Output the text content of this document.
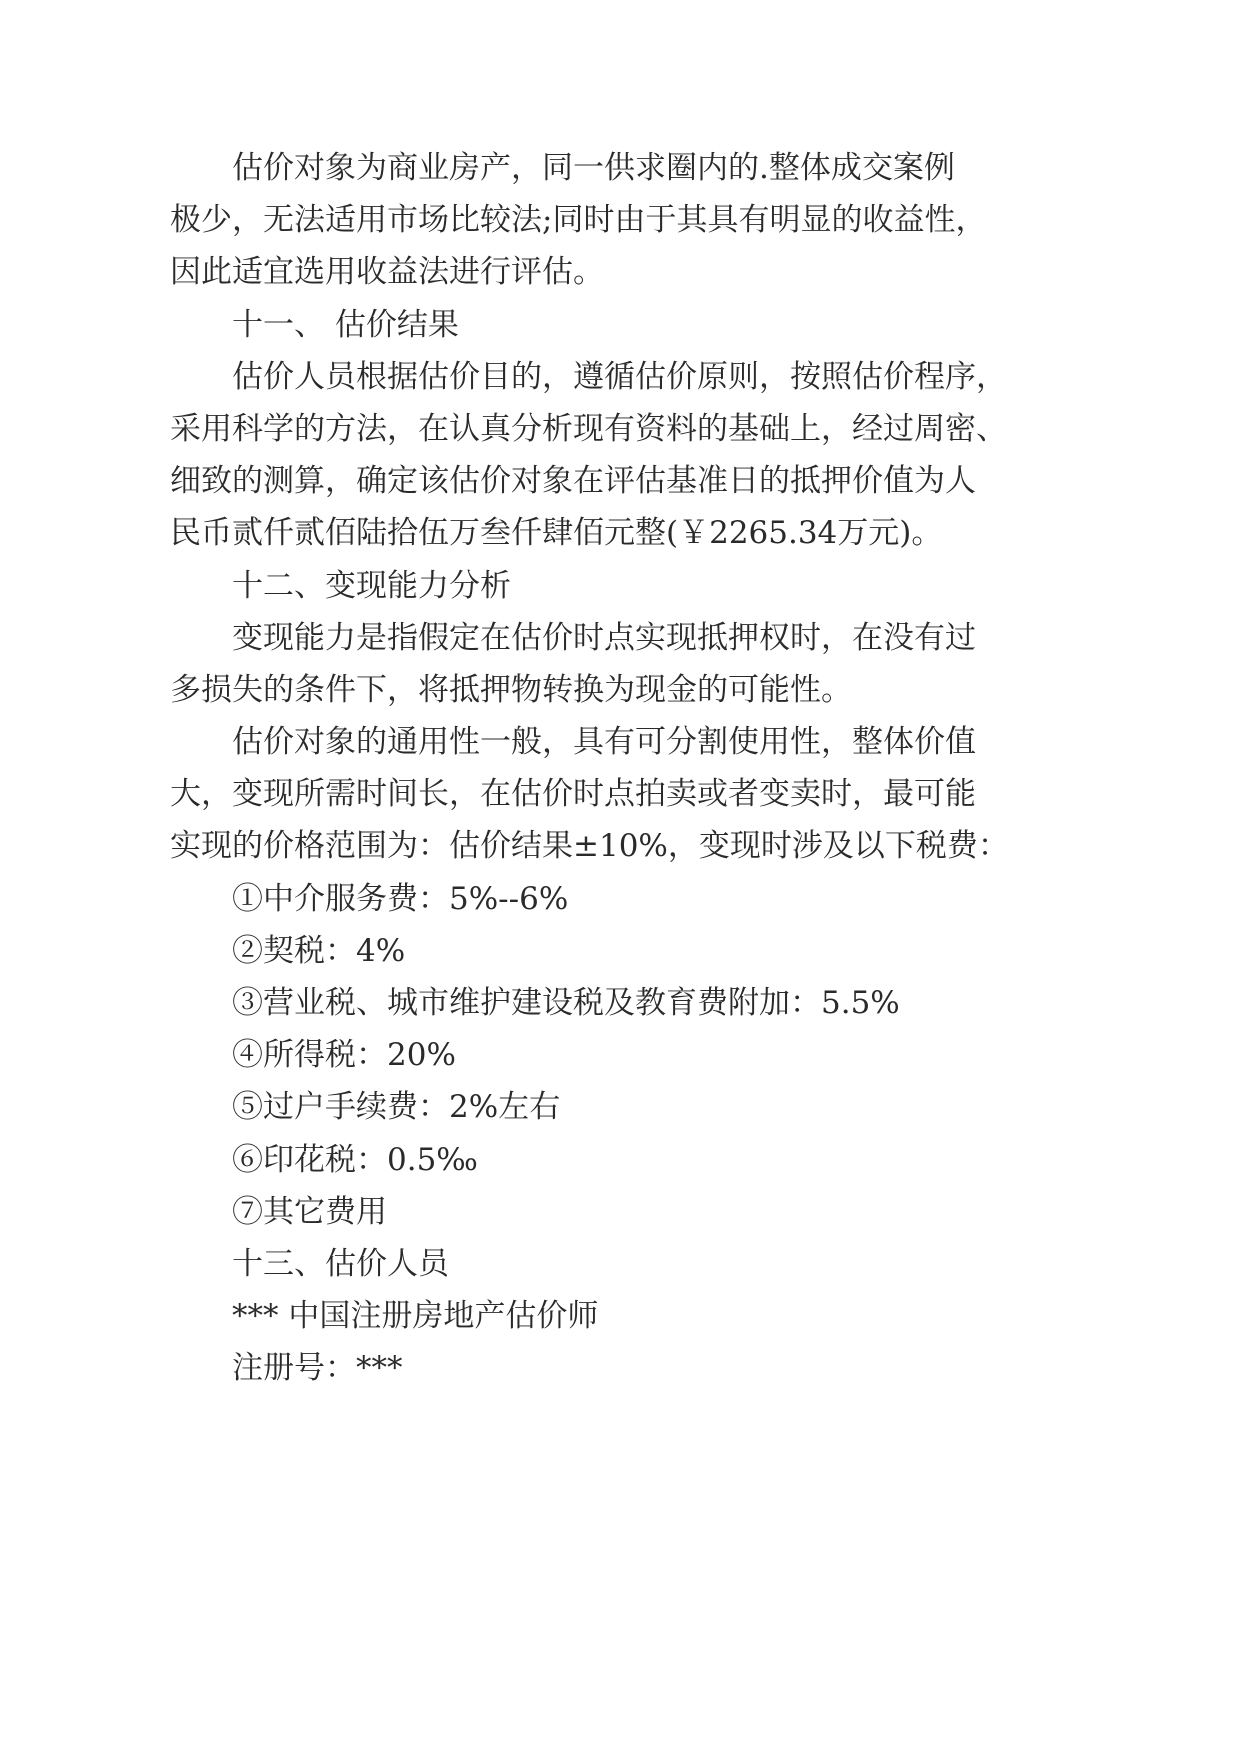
估 价 对 象 为 商 业 房 产 ， 同 一 供 求 圈 内 的 . 整 体 成 交 案 例
极 少 ， 无 法 适 用 市 场 比 较 法 ; 同 时 由 于 其 具 有 明 显 的 收 益 性 ，
因此适宜选用收益法进行评估。
十一、 估价结果
估 价 人 员 根 据 估 价 目 的 ， 遵 循 估 价 原 则 ， 按 照 估 价 程 序 ，
采 用 科 学 的 方 法 ， 在 认 真 分 析 现 有 资 料 的 基 础 上 ， 经 过 周 密 、
细 致 的 测 算 ， 确 定 该 估 价 对 象 在 评 估 基 准 日 的 抵 押 价 值 为 人
民币贰仟贰佰陆拾伍万叁仟肆佰元整(￥2265.34万元)。
十二、变现能力分析
变 现 能 力 是 指 假 定 在 估 价 时 点 实 现 抵 押 权 时 ， 在 没 有 过
多损失的条件下，将抵押物转换为现金的可能性。
估 价 对 象 的 通 用 性 一 般 ， 具 有 可 分 割 使 用 性 ， 整 体 价 值
大 ， 变 现 所 需 时 间 长 ， 在 估 价 时 点 拍 卖 或 者 变 卖 时 ， 最 可 能
实 现 的 价 格 范 围 为 ： 估 价 结 果 ± 10% ， 变 现 时 涉 及 以 下 税 费 ：
①中介服务费：5%--6%
②契税：4%
③营业税、城市维护建设税及教育费附加：5.5%
④所得税：20%
⑤过户手续费：2%左右
⑥印花税：0.5‰
⑦其它费用
十三、估价人员
*** 中国注册房地产估价师
注册号：***
